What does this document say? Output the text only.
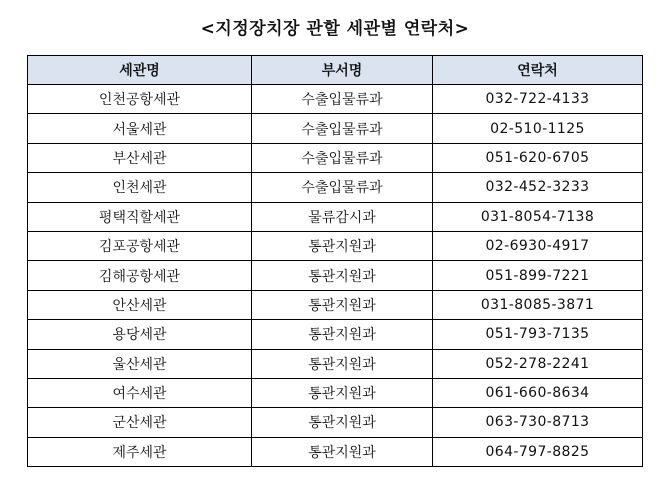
<지정장치장 관할 세관별 연락처>
세관명	부서명	연락처
인천공항세관	수출입물류과	032-722-4133
서울세관	수출입물류과	02-510-1125
부산세관	수출입물류과	051-620-6705
인천세관	수출입물류과	032-452-3233
평택직할세관	물류감시과	031-8054-7138
김포공항세관	통관지원과	02-6930-4917
김해공항세관	통관지원과	051-899-7221
안산세관	통관지원과	031-8085-3871
용당세관	통관지원과	051-793-7135
울산세관	통관지원과	052-278-2241
여수세관	통관지원과	061-660-8634
군산세관	통관지원과	063-730-8713
제주세관	통관지원과	064-797-8825
